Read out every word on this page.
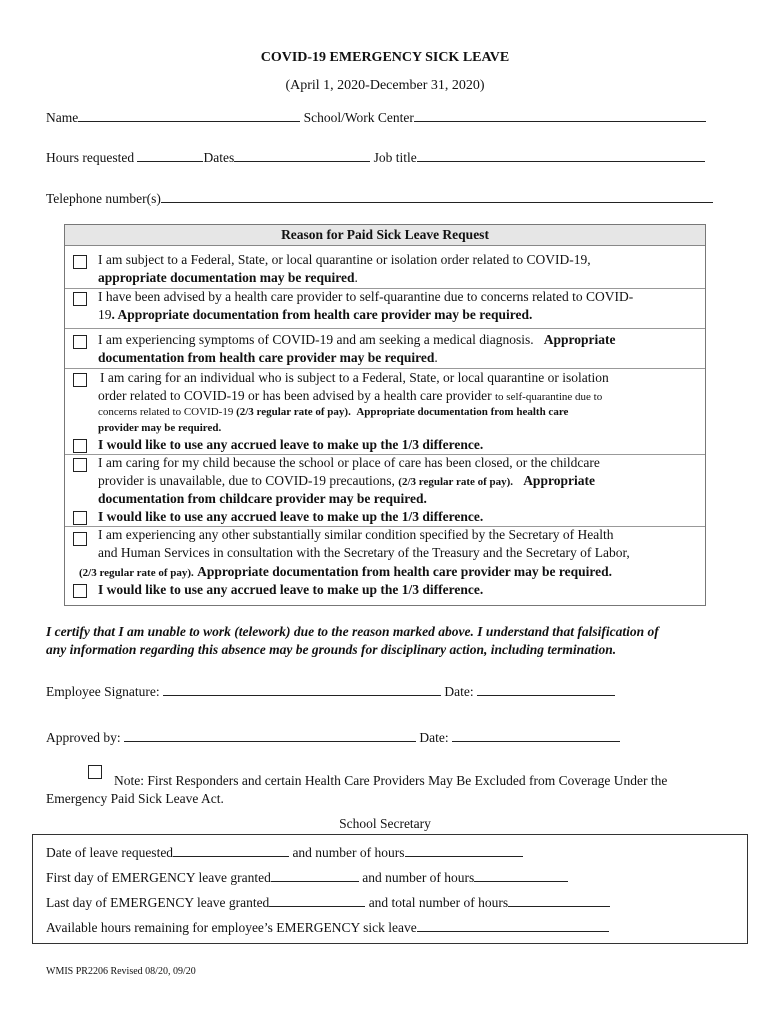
COVID-19 EMERGENCY SICK LEAVE
(April 1, 2020-December 31, 2020)
Name	School/Work Center
Hours requested	Dates	Job title
Telephone number(s)
Reason for Paid Sick Leave Request
I am subject to a Federal, State, or local quarantine or isolation order related to COVID-19,
appropriate documentation may be required.
I have been advised by a health care provider to self-quarantine due to concerns related to COVID-
19. Appropriate documentation from health care provider may be required.
I am experiencing symptoms of COVID-19 and am seeking a medical diagnosis. Appropriate
documentation from health care provider may be required.
I am caring for an individual who is subject to a Federal, State, or local quarantine or isolation
order related to COVID-19 or has been advised by a health care provider to self-quarantine due to
concerns related to COVID-19 (2/3 regular rate of pay). Appropriate documentation from health care
provider may be required.
I would like to use any accrued leave to make up the 1/3 difference.
I am caring for my child because the school or place of care has been closed, or the childcare
provider is unavailable, due to COVID-19 precautions, (2/3 regular rate of pay). Appropriate
documentation from childcare provider may be required.
I would like to use any accrued leave to make up the 1/3 difference.
I am experiencing any other substantially similar condition specified by the Secretary of Health
and Human Services in consultation with the Secretary of the Treasury and the Secretary of Labor,
(2/3 regular rate of pay). Appropriate documentation from health care provider may be required.
I would like to use any accrued leave to make up the 1/3 difference.
I certify that I am unable to work (telework) due to the reason marked above. I understand that falsification of
any information regarding this absence may be grounds for disciplinary action, including termination.
Employee Signature:	Date:
Approved by:	Date:
Note: First Responders and certain Health Care Providers May Be Excluded from Coverage Under the
Emergency Paid Sick Leave Act.
School Secretary
Date of leave requested	and number of hours
First day of EMERGENCY leave granted	and number of hours
Last day of EMERGENCY leave granted	and total number of hours
Available hours remaining for employee’s EMERGENCY sick leave
WMIS PR2206 Revised 08/20, 09/20
